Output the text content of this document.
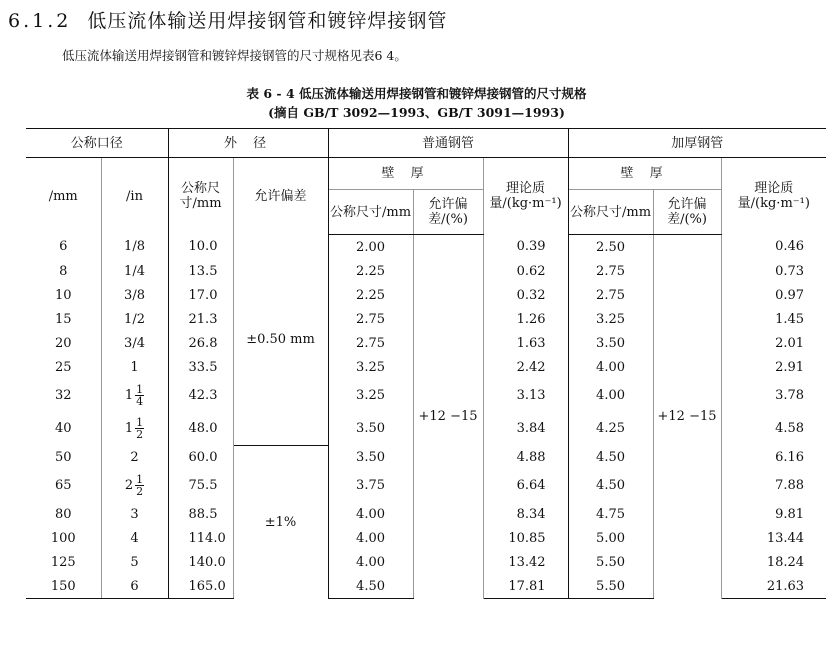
6.1.2 低压流体输送用焊接钢管和镀锌焊接钢管
低压流体输送用焊接钢管和镀锌焊接钢管的尺寸规格见表6 4。
表 6 - 4 低压流体输送用焊接钢管和镀锌焊接钢管的尺寸规格
(摘自 GB/T 3092—1993、GB/T 3091—1993)
公称口径		外 径		普通钢管			加厚钢管		
/mm	/in	公称尺寸/mm	允许偏差	壁 厚		理论质量/(kg·m⁻¹)	壁 厚		理论质量/(kg·m⁻¹)
				公称尺寸/mm	允许偏差/(%)		公称尺寸/mm	允许偏差/(%)	
6	1/8	10.0	±0.50 mm	2.00	+12 −15	0.39	2.50	+12 −15	0.46
8	1/4	13.5		2.25		0.62	2.75		0.73
10	3/8	17.0		2.25		0.32	2.75		0.97
15	1/2	21.3		2.75		1.26	3.25		1.45
20	3/4	26.8		2.75		1.63	3.50		2.01
25	1	33.5		3.25		2.42	4.00		2.91
32	$1 \frac{1}{4}$	42.3		3.25		3.13	4.00		3.78
40	$1 \frac{1}{2}$	48.0		3.50		3.84	4.25		4.58
50	2	60.0	±1%	3.50		4.88	4.50		6.16
65	$2 \frac{1}{2}$	75.5		3.75		6.64	4.50		7.88
80	3	88.5		4.00		8.34	4.75		9.81
100	4	114.0		4.00		10.85	5.00		13.44
125	5	140.0		4.00		13.42	5.50		18.24
150	6	165.0		4.50		17.81	5.50		21.63
